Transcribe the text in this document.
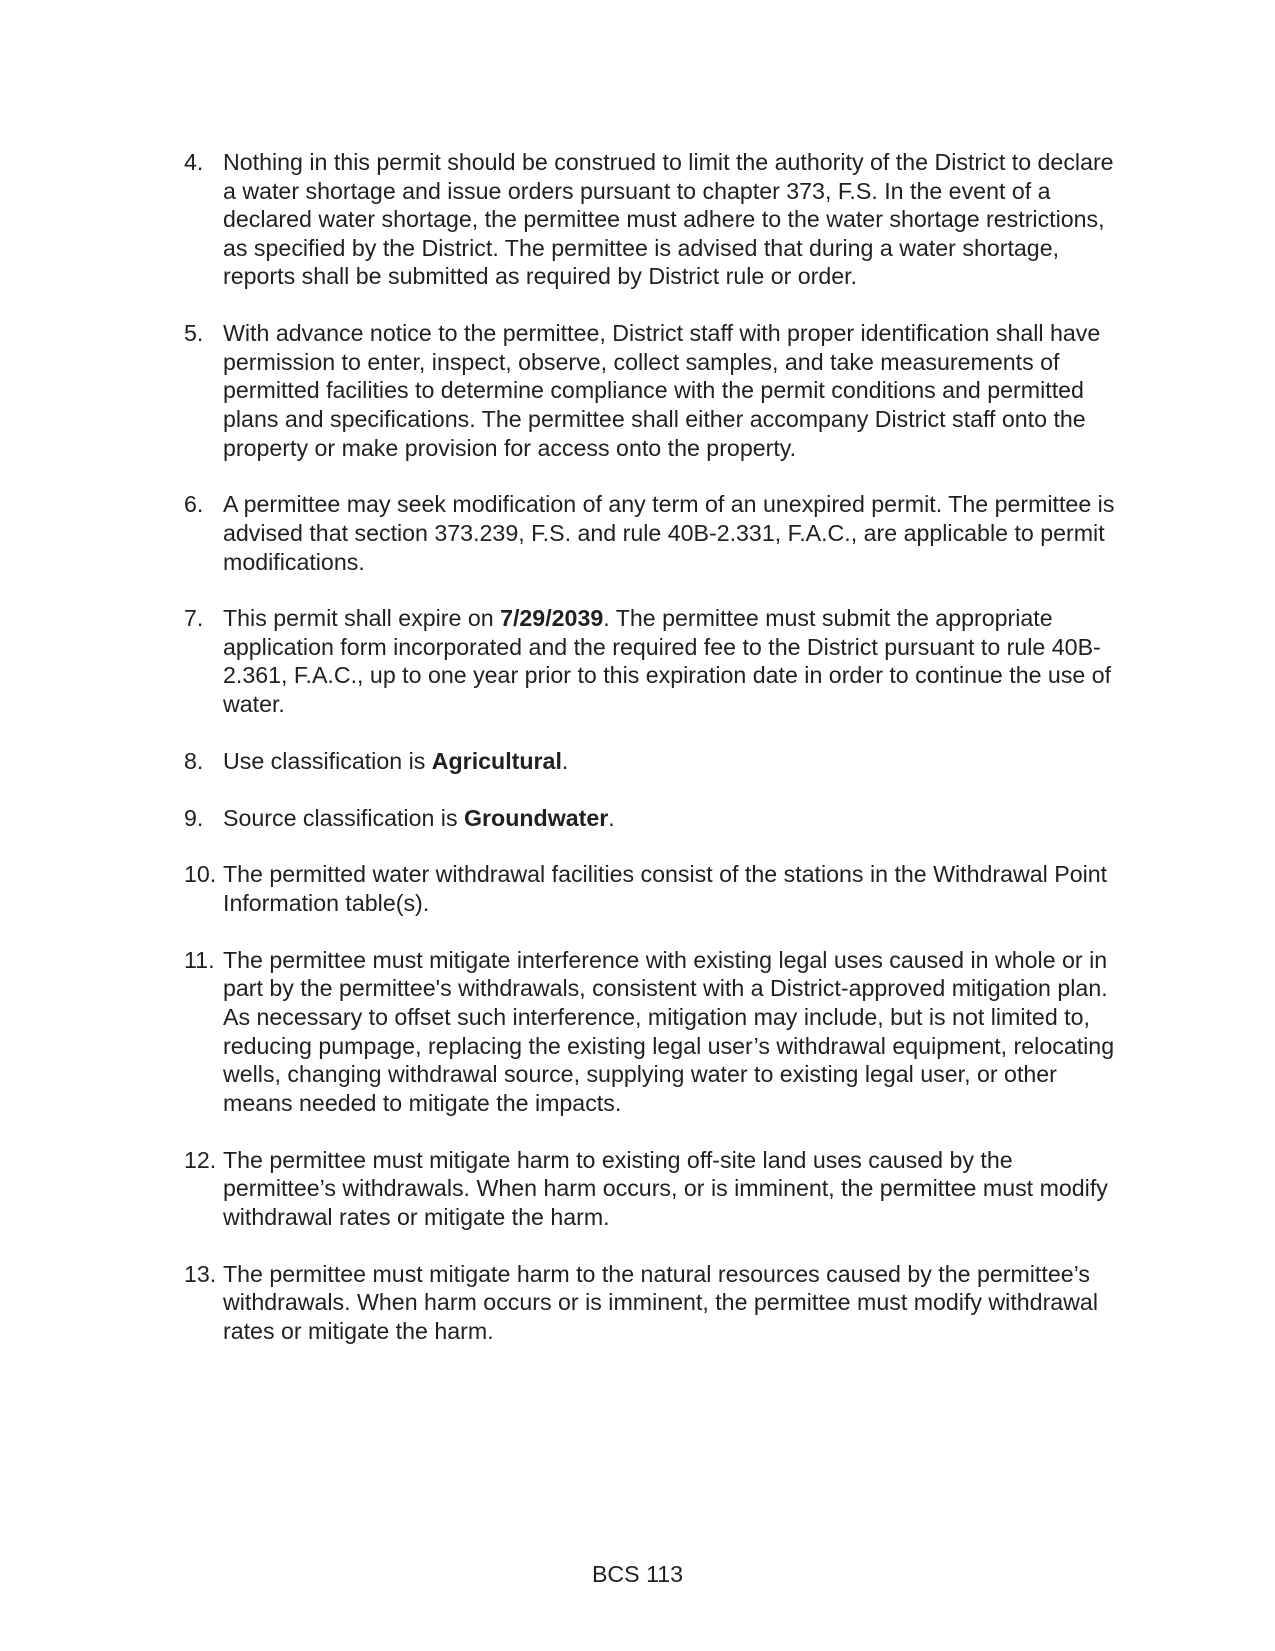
4. Nothing in this permit should be construed to limit the authority of the District to declare a water shortage and issue orders pursuant to chapter 373, F.S. In the event of a declared water shortage, the permittee must adhere to the water shortage restrictions, as specified by the District. The permittee is advised that during a water shortage, reports shall be submitted as required by District rule or order.
5. With advance notice to the permittee, District staff with proper identification shall have permission to enter, inspect, observe, collect samples, and take measurements of permitted facilities to determine compliance with the permit conditions and permitted plans and specifications. The permittee shall either accompany District staff onto the property or make provision for access onto the property.
6. A permittee may seek modification of any term of an unexpired permit. The permittee is advised that section 373.239, F.S. and rule 40B-2.331, F.A.C., are applicable to permit modifications.
7. This permit shall expire on 7/29/2039. The permittee must submit the appropriate application form incorporated and the required fee to the District pursuant to rule 40B-2.361, F.A.C., up to one year prior to this expiration date in order to continue the use of water.
8. Use classification is Agricultural.
9. Source classification is Groundwater.
10. The permitted water withdrawal facilities consist of the stations in the Withdrawal Point Information table(s).
11. The permittee must mitigate interference with existing legal uses caused in whole or in part by the permittee's withdrawals, consistent with a District-approved mitigation plan. As necessary to offset such interference, mitigation may include, but is not limited to, reducing pumpage, replacing the existing legal user’s withdrawal equipment, relocating wells, changing withdrawal source, supplying water to existing legal user, or other means needed to mitigate the impacts.
12. The permittee must mitigate harm to existing off-site land uses caused by the permittee’s withdrawals. When harm occurs, or is imminent, the permittee must modify withdrawal rates or mitigate the harm.
13. The permittee must mitigate harm to the natural resources caused by the permittee’s withdrawals. When harm occurs or is imminent, the permittee must modify withdrawal rates or mitigate the harm.
BCS 113
